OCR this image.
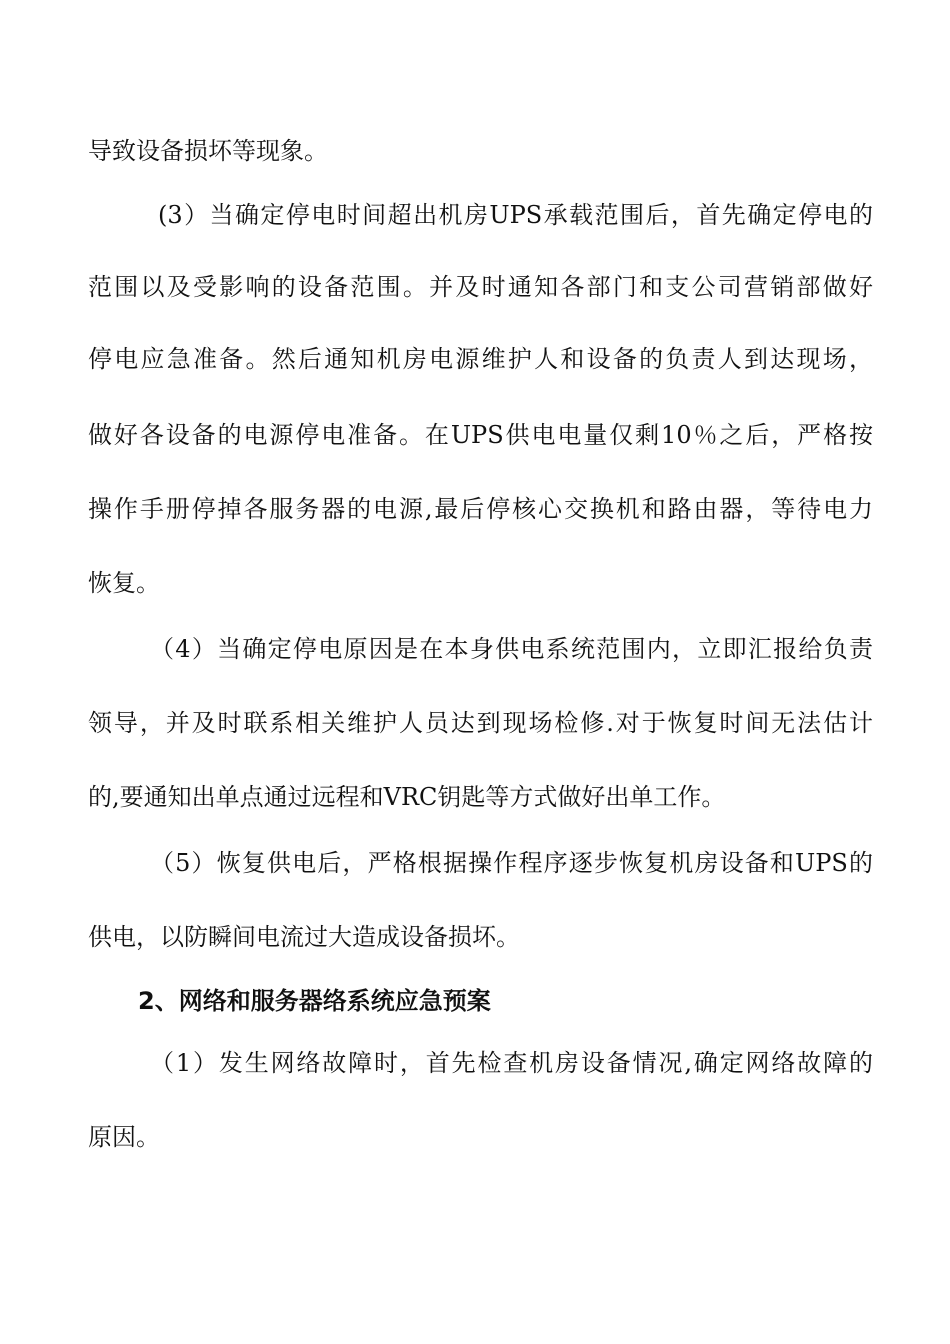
导致设备损坏等现象。
(3）当确定停电时间超出机房UPS承载范围后，首先确定停电的
范围以及受影响的设备范围。并及时通知各部门和支公司营销部做好
停电应急准备。然后通知机房电源维护人和设备的负责人到达现场，
做好各设备的电源停电准备。在UPS供电电量仅剩10％之后，严格按
操作手册停掉各服务器的电源,最后停核心交换机和路由器，等待电力
恢复。
（4）当确定停电原因是在本身供电系统范围内，立即汇报给负责
领导，并及时联系相关维护人员达到现场检修.对于恢复时间无法估计
的,要通知出单点通过远程和VRC钥匙等方式做好出单工作。
（5）恢复供电后，严格根据操作程序逐步恢复机房设备和UPS的
供电，以防瞬间电流过大造成设备损坏。
2、网络和服务器络系统应急预案
（1）发生网络故障时，首先检查机房设备情况,确定网络故障的
原因。
